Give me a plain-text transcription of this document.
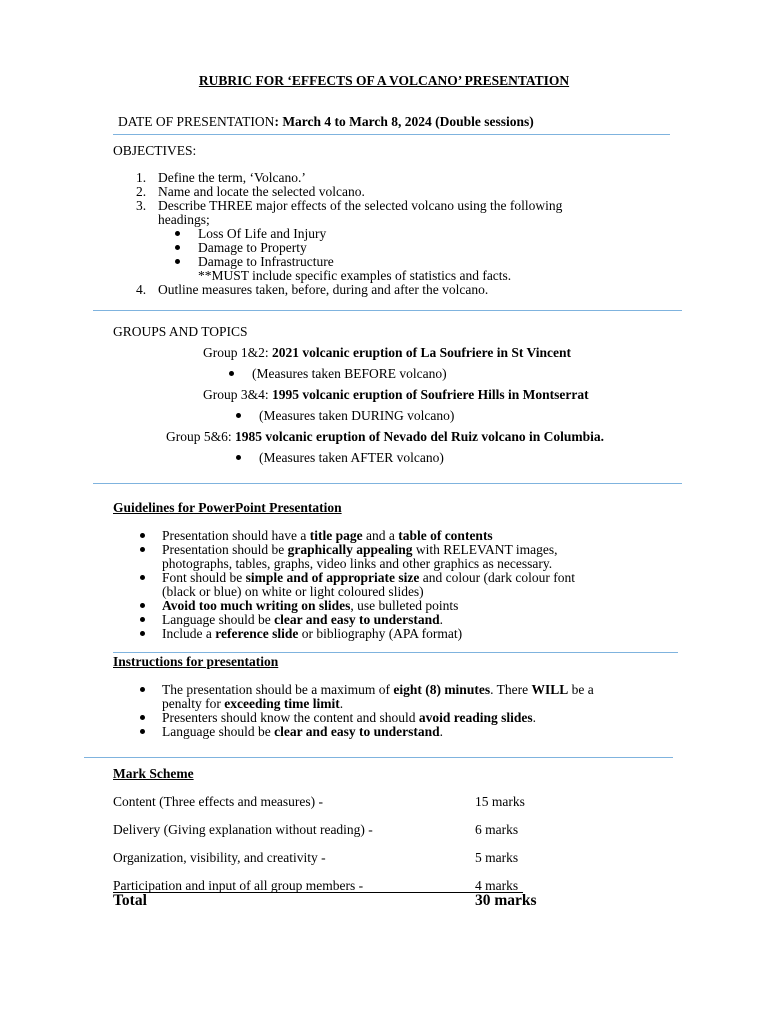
RUBRIC FOR ‘EFFECTS OF A VOLCANO’ PRESENTATION
DATE OF PRESENTATION: March 4 to March 8, 2024 (Double sessions)
OBJECTIVES:
1. Define the term, ‘Volcano.’
2. Name and locate the selected volcano.
3. Describe THREE major effects of the selected volcano using the following
headings;
Loss Of Life and Injury
Damage to Property
Damage to Infrastructure
**MUST include specific examples of statistics and facts.
4. Outline measures taken, before, during and after the volcano.
GROUPS AND TOPICS
Group 1&2: 2021 volcanic eruption of La Soufriere in St Vincent
(Measures taken BEFORE volcano)
Group 3&4: 1995 volcanic eruption of Soufriere Hills in Montserrat
(Measures taken DURING volcano)
Group 5&6: 1985 volcanic eruption of Nevado del Ruiz volcano in Columbia.
(Measures taken AFTER volcano)
Guidelines for PowerPoint Presentation
Presentation should have a title page and a table of contents
Presentation should be graphically appealing with RELEVANT images,
photographs, tables, graphs, video links and other graphics as necessary.
Font should be simple and of appropriate size and colour (dark colour font
(black or blue) on white or light coloured slides)
Avoid too much writing on slides, use bulleted points
Language should be clear and easy to understand.
Include a reference slide or bibliography (APA format)
Instructions for presentation
The presentation should be a maximum of eight (8) minutes. There WILL be a
penalty for exceeding time limit.
Presenters should know the content and should avoid reading slides.
Language should be clear and easy to understand.
Mark Scheme
Content (Three effects and measures) -	15 marks
Delivery (Giving explanation without reading) -	6 marks
Organization, visibility, and creativity -	5 marks
Participation and input of all group members -	4 marks
Total	30 marks
